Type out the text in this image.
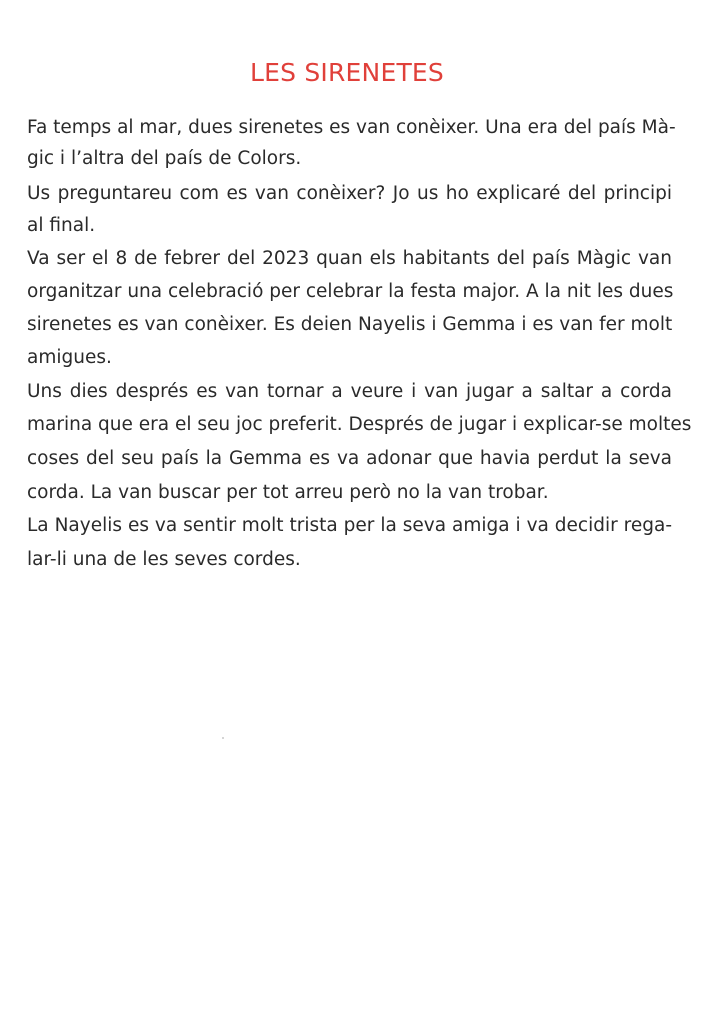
LES SIRENETES
Fa temps al mar, dues sirenetes es van conèixer. Una era del país Mà-
gic i l’altra del país de Colors.
Us preguntareu com es van conèixer? Jo us ho explicaré del principi
al final.
Va ser el 8 de febrer del 2023 quan els habitants del país Màgic van
organitzar una celebració per celebrar la festa major. A la nit les dues
sirenetes es van conèixer. Es deien Nayelis i Gemma i es van fer molt
amigues.
Uns dies després es van tornar a veure i van jugar a saltar a corda
marina que era el seu joc preferit. Després de jugar i explicar-se moltes
coses del seu país la Gemma es va adonar que havia perdut la seva
corda. La van buscar per tot arreu però no la van trobar.
La Nayelis es va sentir molt trista per la seva amiga i va decidir rega-
lar-li una de les seves cordes.
